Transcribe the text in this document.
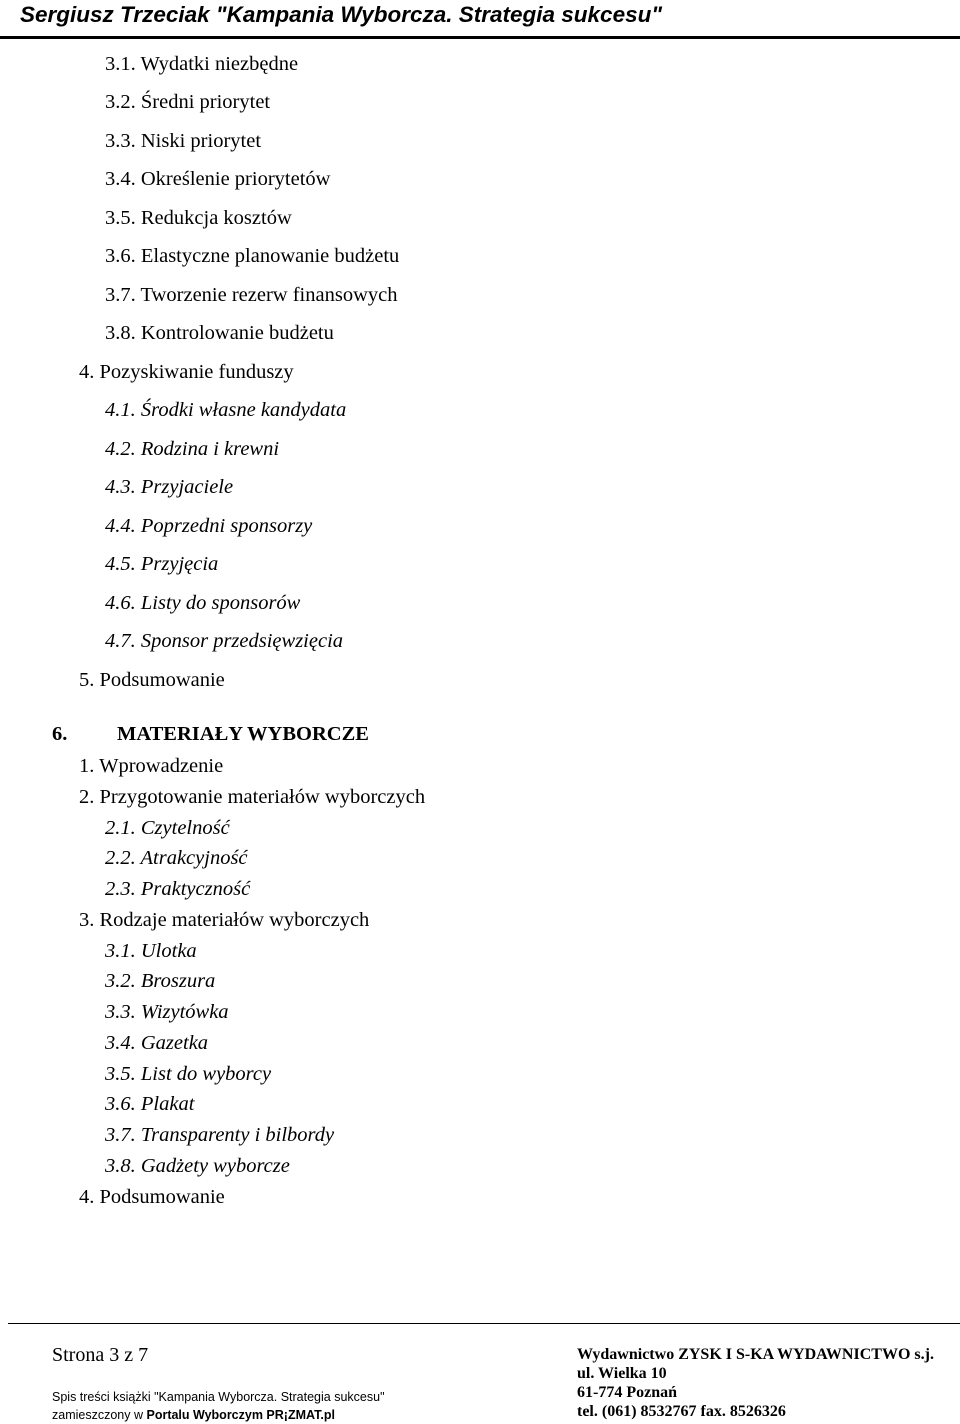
Sergiusz Trzeciak "Kampania Wyborcza. Strategia sukcesu"
3.1. Wydatki niezbędne
3.2. Średni priorytet
3.3. Niski priorytet
3.4. Określenie priorytetów
3.5. Redukcja kosztów
3.6. Elastyczne planowanie budżetu
3.7. Tworzenie rezerw finansowych
3.8. Kontrolowanie budżetu
4. Pozyskiwanie funduszy
4.1. Środki własne kandydata
4.2. Rodzina i krewni
4.3. Przyjaciele
4.4. Poprzedni sponsorzy
4.5. Przyjęcia
4.6. Listy do sponsorów
4.7. Sponsor przedsięwzięcia
5. Podsumowanie
6. MATERIAŁY WYBORCZE
1. Wprowadzenie
2. Przygotowanie materiałów wyborczych
2.1. Czytelność
2.2. Atrakcyjność
2.3. Praktyczność
3. Rodzaje materiałów wyborczych
3.1. Ulotka
3.2. Broszura
3.3. Wizytówka
3.4. Gazetka
3.5. List do wyborcy
3.6. Plakat
3.7. Transparenty i bilbordy
3.8. Gadżety wyborcze
4. Podsumowanie
Strona 3 z 7
Spis treści książki "Kampania Wyborcza. Strategia sukcesu"
zamieszczony w Portalu Wyborczym PR¡ZMAT.pl
Wydawnictwo ZYSK I S-KA WYDAWNICTWO s.j.
ul. Wielka 10
61-774 Poznań
tel. (061) 8532767 fax. 8526326
